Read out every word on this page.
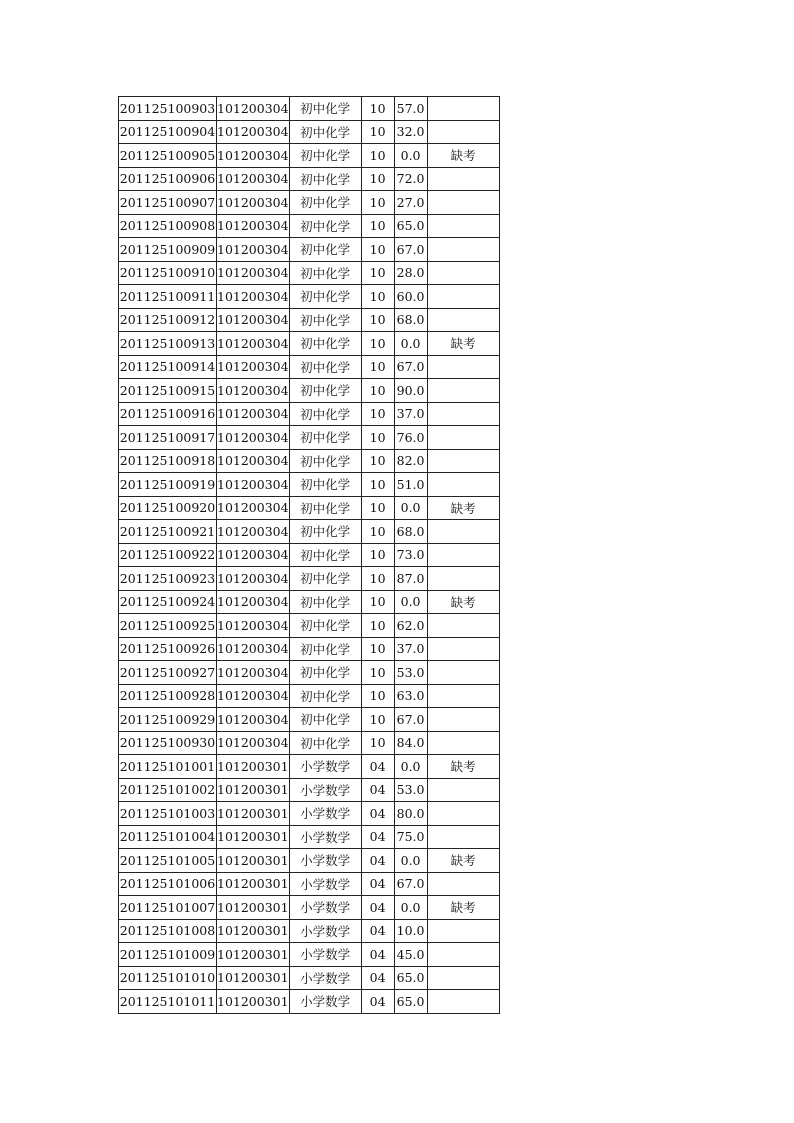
201125100903	101200304	初中化学	10	57.0	
201125100904	101200304	初中化学	10	32.0	
201125100905	101200304	初中化学	10	0.0	缺考
201125100906	101200304	初中化学	10	72.0	
201125100907	101200304	初中化学	10	27.0	
201125100908	101200304	初中化学	10	65.0	
201125100909	101200304	初中化学	10	67.0	
201125100910	101200304	初中化学	10	28.0	
201125100911	101200304	初中化学	10	60.0	
201125100912	101200304	初中化学	10	68.0	
201125100913	101200304	初中化学	10	0.0	缺考
201125100914	101200304	初中化学	10	67.0	
201125100915	101200304	初中化学	10	90.0	
201125100916	101200304	初中化学	10	37.0	
201125100917	101200304	初中化学	10	76.0	
201125100918	101200304	初中化学	10	82.0	
201125100919	101200304	初中化学	10	51.0	
201125100920	101200304	初中化学	10	0.0	缺考
201125100921	101200304	初中化学	10	68.0	
201125100922	101200304	初中化学	10	73.0	
201125100923	101200304	初中化学	10	87.0	
201125100924	101200304	初中化学	10	0.0	缺考
201125100925	101200304	初中化学	10	62.0	
201125100926	101200304	初中化学	10	37.0	
201125100927	101200304	初中化学	10	53.0	
201125100928	101200304	初中化学	10	63.0	
201125100929	101200304	初中化学	10	67.0	
201125100930	101200304	初中化学	10	84.0	
201125101001	101200301	小学数学	04	0.0	缺考
201125101002	101200301	小学数学	04	53.0	
201125101003	101200301	小学数学	04	80.0	
201125101004	101200301	小学数学	04	75.0	
201125101005	101200301	小学数学	04	0.0	缺考
201125101006	101200301	小学数学	04	67.0	
201125101007	101200301	小学数学	04	0.0	缺考
201125101008	101200301	小学数学	04	10.0	
201125101009	101200301	小学数学	04	45.0	
201125101010	101200301	小学数学	04	65.0	
201125101011	101200301	小学数学	04	65.0	
